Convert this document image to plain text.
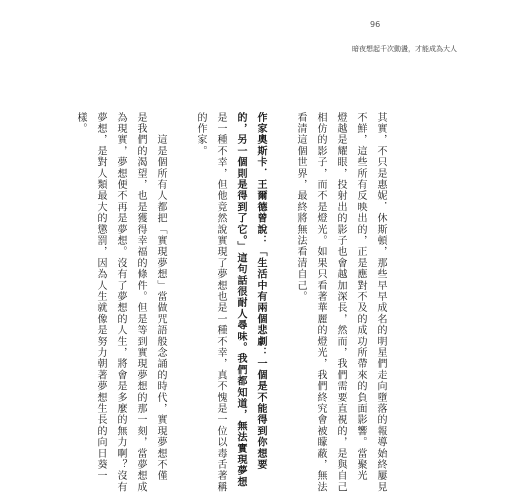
96
暗夜想起千次動盪，才能成為大人
其實，不只是惠妮．休斯頓，那些早早成名的明星們走向墮落的報導始終屢見
不鮮，這些所有反映出的，正是應對不及的成功所帶來的負面影響。當聚光
燈越是耀眼，投射出的影子也會越加深長，然而，我們需要直視的，是與自己
相仿的影子，而不是燈光。如果只看著華麗的燈光，我們終究會被矇蔽，無法
看清這個世界，最終將無法看清自己。
作家奧斯卡．王爾德曾說：「生活中有兩個悲劇：一個是不能得到你想要
的，另一個則是得到了它。」這句話很耐人尋味。我們都知道，無法實現夢想
是一種不幸，但他竟然說實現了夢想也是一種不幸，真不愧是一位以毒舌著稱
的作家。
這是個所有人都把「實現夢想」當做咒語般念誦的時代，實現夢想不僅
是我們的渴望，也是獲得幸福的條件。但是等到實現夢想的那一刻，當夢想成
為現實，夢想便不再是夢想。沒有了夢想的人生，將會是多麼的無力啊？沒有
夢想，是對人類最大的懲罰，因為人生就像是努力朝著夢想生長的向日葵一
樣。
